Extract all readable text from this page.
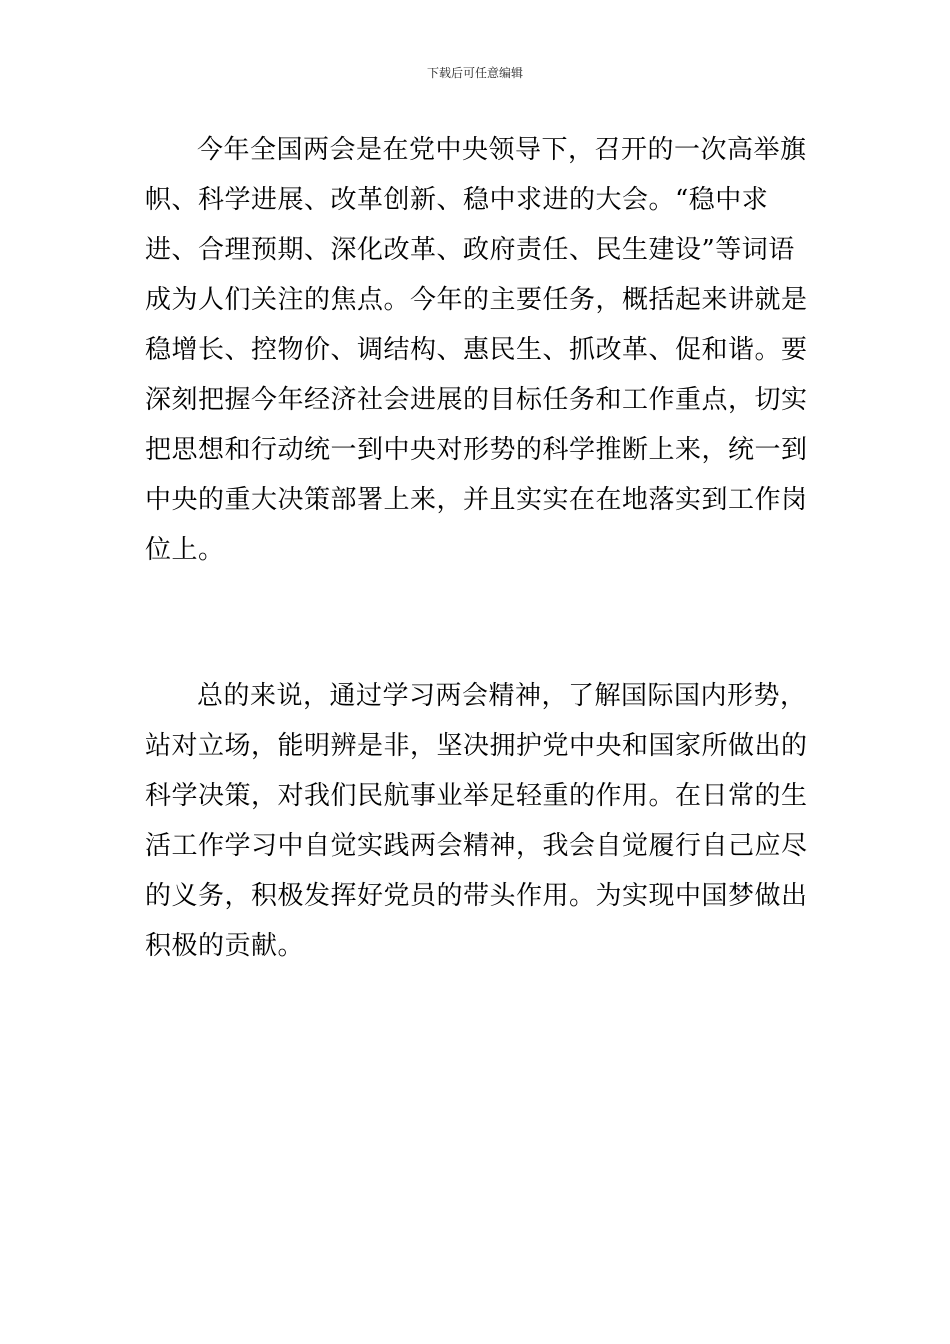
下载后可任意编辑

今年全国两会是在党中央领导下，召开的一次高举旗帜、科学进展、改革创新、稳中求进的大会。“稳中求进、合理预期、深化改革、政府责任、民生建设”等词语成为人们关注的焦点。今年的主要任务，概括起来讲就是稳增长、控物价、调结构、惠民生、抓改革、促和谐。要深刻把握今年经济社会进展的目标任务和工作重点，切实把思想和行动统一到中央对形势的科学推断上来，统一到中央的重大决策部署上来，并且实实在在地落实到工作岗位上。

总的来说，通过学习两会精神，了解国际国内形势，站对立场，能明辨是非，坚决拥护党中央和国家所做出的科学决策，对我们民航事业举足轻重的作用。在日常的生活工作学习中自觉实践两会精神，我会自觉履行自己应尽的义务，积极发挥好党员的带头作用。为实现中国梦做出积极的贡献。
